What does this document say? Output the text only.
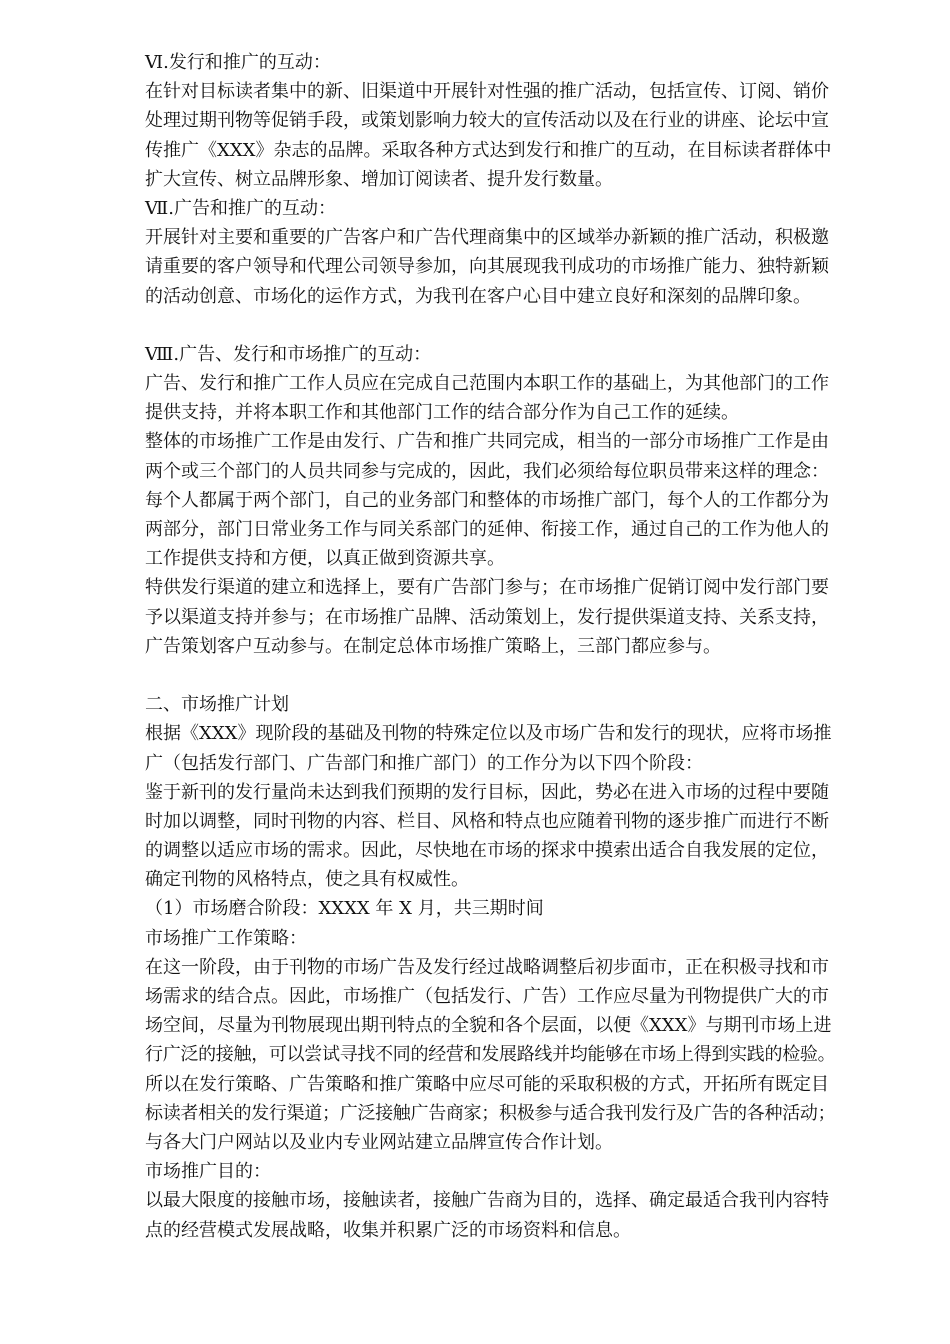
Ⅵ.发行和推广的互动：
在针对目标读者集中的新、旧渠道中开展针对性强的推广活动，包括宣传、订阅、销价
处理过期刊物等促销手段，或策划影响力较大的宣传活动以及在行业的讲座、论坛中宣
传推广《XXX》杂志的品牌。采取各种方式达到发行和推广的互动，在目标读者群体中
扩大宣传、树立品牌形象、增加订阅读者、提升发行数量。
Ⅶ.广告和推广的互动：
开展针对主要和重要的广告客户和广告代理商集中的区域举办新颖的推广活动，积极邀
请重要的客户领导和代理公司领导参加，向其展现我刊成功的市场推广能力、独特新颖
的活动创意、市场化的运作方式，为我刊在客户心目中建立良好和深刻的品牌印象。
Ⅷ.广告、发行和市场推广的互动：
广告、发行和推广工作人员应在完成自己范围内本职工作的基础上，为其他部门的工作
提供支持，并将本职工作和其他部门工作的结合部分作为自己工作的延续。
整体的市场推广工作是由发行、广告和推广共同完成，相当的一部分市场推广工作是由
两个或三个部门的人员共同参与完成的，因此，我们必须给每位职员带来这样的理念：
每个人都属于两个部门，自己的业务部门和整体的市场推广部门，每个人的工作都分为
两部分，部门日常业务工作与同关系部门的延伸、衔接工作，通过自己的工作为他人的
工作提供支持和方便，以真正做到资源共享。
特供发行渠道的建立和选择上，要有广告部门参与；在市场推广促销订阅中发行部门要
予以渠道支持并参与；在市场推广品牌、活动策划上，发行提供渠道支持、关系支持，
广告策划客户互动参与。在制定总体市场推广策略上，三部门都应参与。
二、市场推广计划
根据《XXX》现阶段的基础及刊物的特殊定位以及市场广告和发行的现状，应将市场推
广（包括发行部门、广告部门和推广部门）的工作分为以下四个阶段：
鉴于新刊的发行量尚未达到我们预期的发行目标，因此，势必在进入市场的过程中要随
时加以调整，同时刊物的内容、栏目、风格和特点也应随着刊物的逐步推广而进行不断
的调整以适应市场的需求。因此，尽快地在市场的探求中摸索出适合自我发展的定位，
确定刊物的风格特点，使之具有权威性。
（1）市场磨合阶段：XXXX 年 X 月，共三期时间
市场推广工作策略：
在这一阶段，由于刊物的市场广告及发行经过战略调整后初步面市，正在积极寻找和市
场需求的结合点。因此，市场推广（包括发行、广告）工作应尽量为刊物提供广大的市
场空间，尽量为刊物展现出期刊特点的全貌和各个层面，以便《XXX》与期刊市场上进
行广泛的接触，可以尝试寻找不同的经营和发展路线并均能够在市场上得到实践的检验。
所以在发行策略、广告策略和推广策略中应尽可能的采取积极的方式，开拓所有既定目
标读者相关的发行渠道；广泛接触广告商家；积极参与适合我刊发行及广告的各种活动；
与各大门户网站以及业内专业网站建立品牌宣传合作计划。
市场推广目的：
以最大限度的接触市场，接触读者，接触广告商为目的，选择、确定最适合我刊内容特
点的经营模式发展战略，收集并积累广泛的市场资料和信息。
